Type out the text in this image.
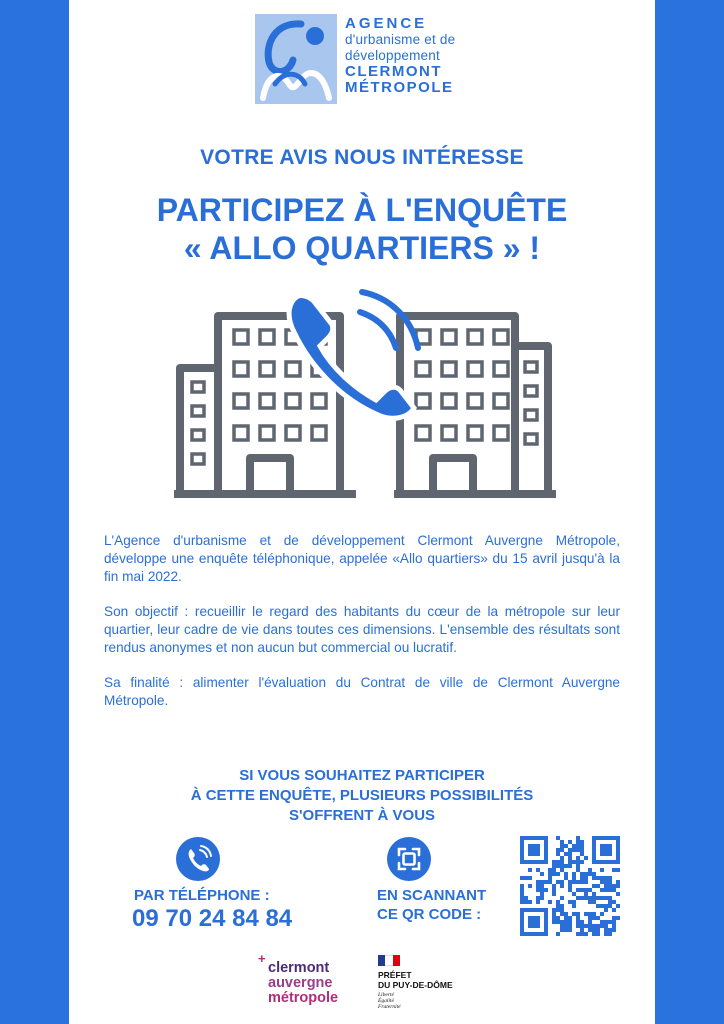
AGENCE
d'urbanisme et de
développement
CLERMONT
MÉTROPOLE
VOTRE AVIS NOUS INTÉRESSE
PARTICIPEZ À L'ENQUÊTE
« ALLO QUARTIERS » !

L'Agence d'urbanisme et de développement Clermont Auvergne Métropole, développe une enquête téléphonique, appelée «Allo quartiers» du 15 avril jusqu'à la fin mai 2022.

Son objectif : recueillir le regard des habitants du cœur de la métropole sur leur quartier, leur cadre de vie dans toutes ces dimensions. L'ensemble des résultats sont rendus anonymes et non aucun but commercial ou lucratif.

Sa finalité : alimenter l'évaluation du Contrat de ville de Clermont Auvergne Métropole.

SI VOUS SOUHAITEZ PARTICIPER
À CETTE ENQUÊTE, PLUSIEURS POSSIBILITÉS
S'OFFRENT À VOUS
PAR TÉLÉPHONE :
09 70 24 84 84
EN SCANNANT
CE QR CODE :
+
clermont
auvergne
métropole
PRÉFET
DU PUY-DE-DÔME
Liberté
Égalité
Fraternité
